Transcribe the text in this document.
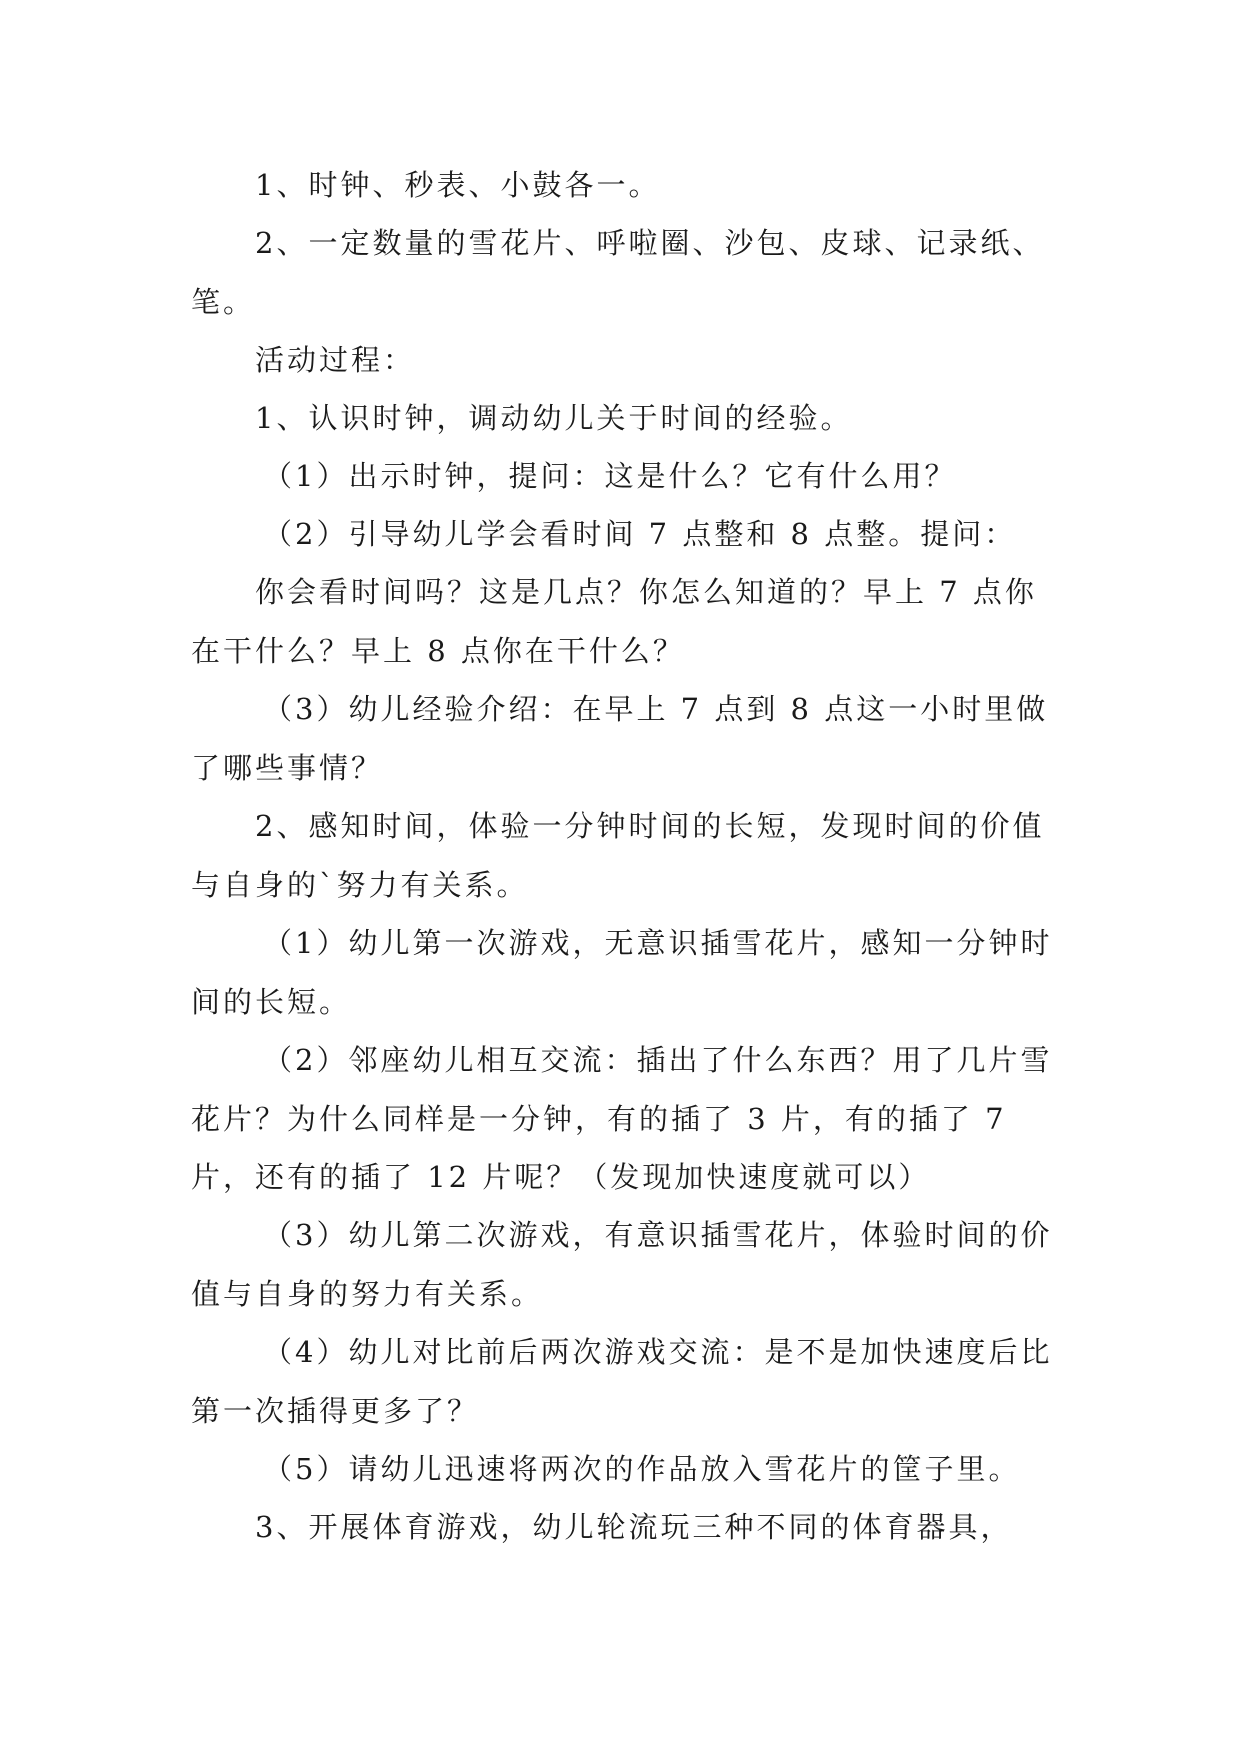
1、时钟、秒表、小鼓各一。

2、一定数量的雪花片、呼啦圈、沙包、皮球、记录纸、笔。

活动过程：

1、认识时钟，调动幼儿关于时间的经验。

（1）出示时钟，提问：这是什么？它有什么用？

（2）引导幼儿学会看时间 7 点整和 8 点整。提问：

你会看时间吗？这是几点？你怎么知道的？早上 7 点你在干什么？早上 8 点你在干什么？

（3）幼儿经验介绍：在早上 7 点到 8 点这一小时里做了哪些事情？

2、感知时间，体验一分钟时间的长短，发现时间的价值与自身的`努力有关系。

（1）幼儿第一次游戏，无意识插雪花片，感知一分钟时间的长短。

（2）邻座幼儿相互交流：插出了什么东西？用了几片雪花片？为什么同样是一分钟，有的插了 3 片，有的插了 7 片，还有的插了 12 片呢？（发现加快速度就可以）

（3）幼儿第二次游戏，有意识插雪花片，体验时间的价值与自身的努力有关系。

（4）幼儿对比前后两次游戏交流：是不是加快速度后比第一次插得更多了？

（5）请幼儿迅速将两次的作品放入雪花片的筐子里。

3、开展体育游戏，幼儿轮流玩三种不同的体育器具，
